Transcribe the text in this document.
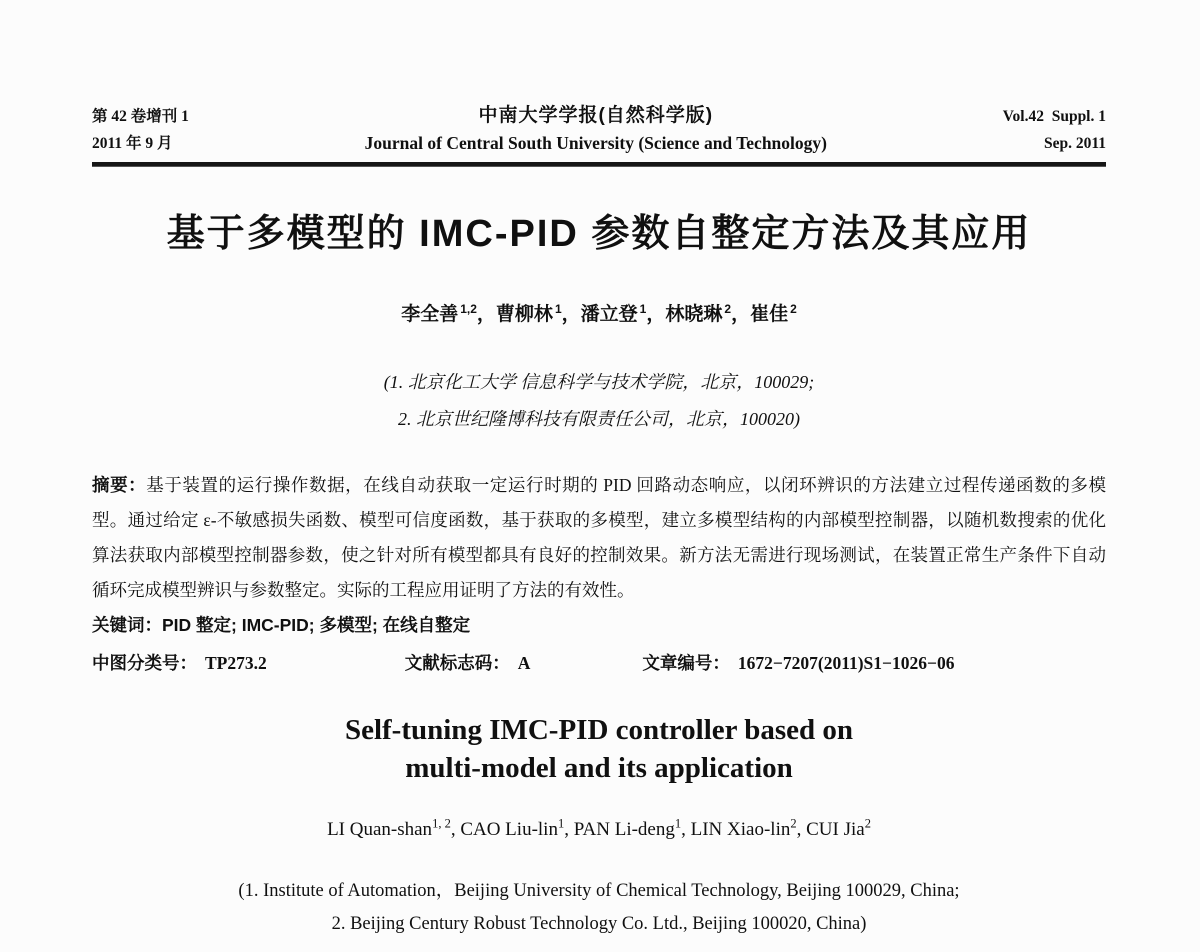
第 42 卷增刊 1
2011 年 9 月
中南大学学报(自然科学版)
Journal of Central South University (Science and Technology)
Vol.42  Suppl. 1
Sep. 2011
基于多模型的 IMC-PID 参数自整定方法及其应用
李全善 $^{1,2}$，曹柳林 $^1$，潘立登 $^1$，林晓琳 $^2$，崔佳 $^2$
(1. 北京化工大学 信息科学与技术学院，北京，100029;
2. 北京世纪隆博科技有限责任公司，北京，100020)
摘要：基于装置的运行操作数据，在线自动获取一定运行时期的 PID 回路动态响应，以闭环辨识的方法建立过程传递函数的多模型。通过给定 ε-不敏感损失函数、模型可信度函数，基于获取的多模型，建立多模型结构的内部模型控制器，以随机数搜索的优化算法获取内部模型控制器参数，使之针对所有模型都具有良好的控制效果。新方法无需进行现场测试，在装置正常生产条件下自动循环完成模型辨识与参数整定。实际的工程应用证明了方法的有效性。
关键词：PID 整定; IMC-PID; 多模型; 在线自整定
中图分类号： TP273.2	文献标志码： A	文章编号： 1672−7207(2011)S1−1026−06
Self-tuning IMC-PID controller based on
multi-model and its application
LI Quan-shan$^{1, 2}$, CAO Liu-lin$^1$, PAN Li-deng$^1$, LIN Xiao-lin$^2$, CUI Jia$^2$
(1. Institute of Automation，Beijing University of Chemical Technology, Beijing 100029, China;
2. Beijing Century Robust Technology Co. Ltd., Beijing 100020, China)
